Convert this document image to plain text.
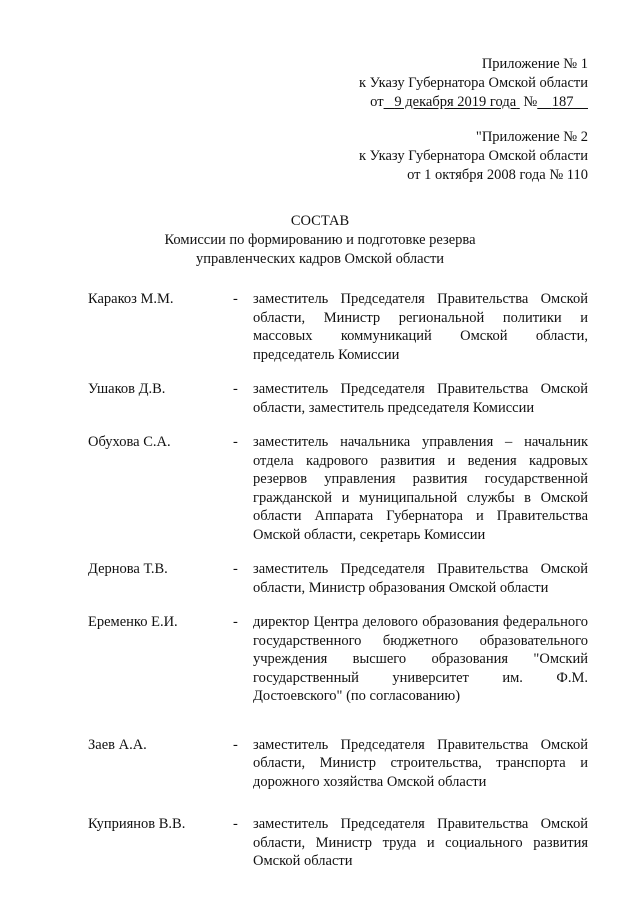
Приложение № 1
к Указу Губернатора Омской области
от 9 декабря 2019 года № 187
"Приложение № 2
к Указу Губернатора Омской области
от 1 октября 2008 года № 110
СОСТАВ
Комиссии по формированию и подготовке резерва
управленческих кадров Омской области
Каракоз М.М.	-	заместитель Председателя Правительства Омской области, Министр региональной политики и массовых коммуникаций Омской области, председатель Комиссии
Ушаков Д.В.	-	заместитель Председателя Правительства Омской области, заместитель председателя Комиссии
Обухова С.А.	-	заместитель начальника управления – начальник отдела кадрового развития и ведения кадровых резервов управления развития государственной гражданской и муниципальной службы в Омской области Аппарата Губернатора и Правительства Омской области, секретарь Комиссии
Дернова Т.В.	-	заместитель Председателя Правительства Омской области, Министр образования Омской области
Еременко Е.И.	-	директор Центра делового образования федерального государственного бюджетного образовательного учреждения высшего образования "Омский государственный университет им. Ф.М. Достоевского" (по согласованию)
Заев А.А.	-	заместитель Председателя Правительства Омской области, Министр строительства, транспорта и дорожного хозяйства Омской области
Куприянов В.В.	-	заместитель Председателя Правительства Омской области, Министр труда и социального развития Омской области
